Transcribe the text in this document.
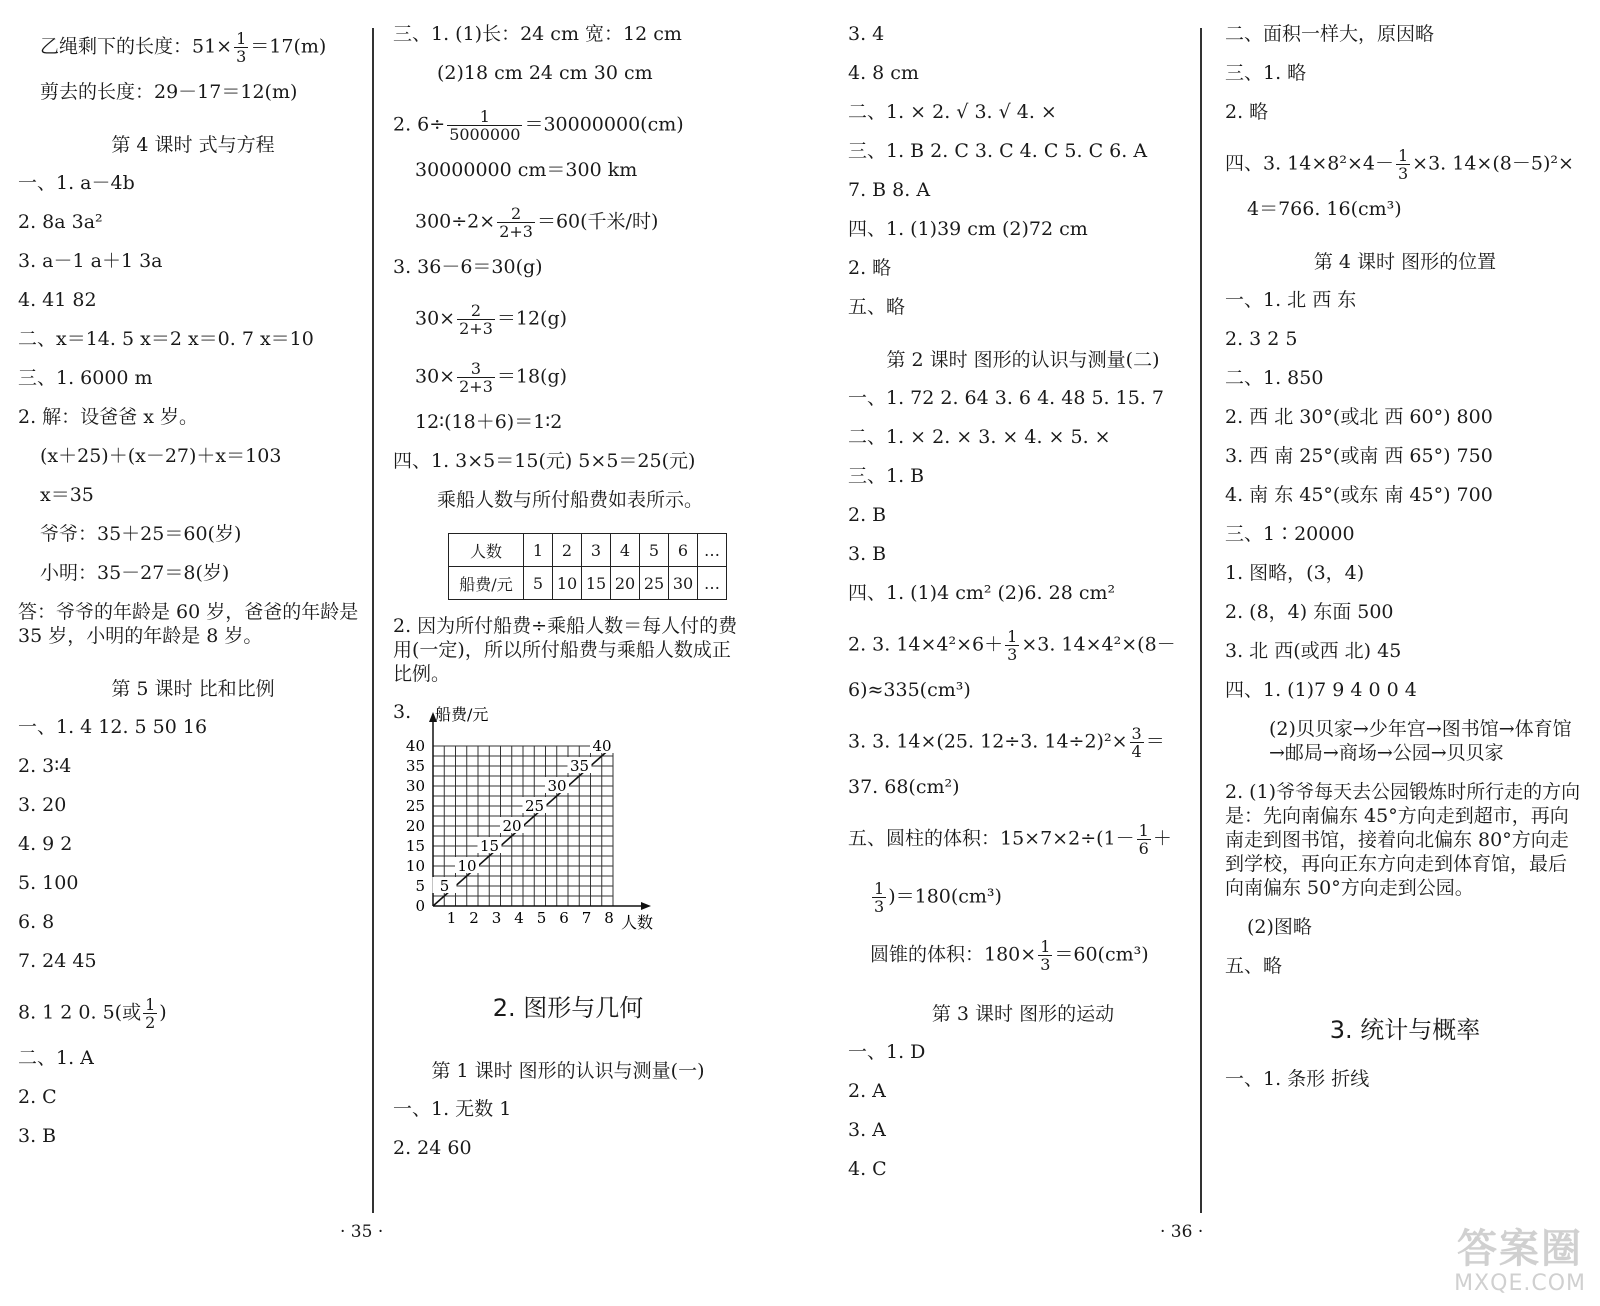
乙绳剩下的长度：$51\times \frac{1}{3} =17(m)$
剪去的长度：29－17＝12(m)
第 4 课时 式与方程
一、1. a－4b
2. 8a 3a²
3. a－1 a＋1 3a
4. 41 82
二、x＝14. 5 x＝2 x＝0. 7 x＝10
三、1. 6000 m
2. 解：设爸爸 x 岁。
(x＋25)＋(x－27)＋x＝103
x＝35
爷爷：35＋25＝60(岁)
小明：35－27＝8(岁)
答：爷爷的年龄是 60 岁，爸爸的年龄是 35 岁，小明的年龄是 8 岁。
第 5 课时 比和比例
一、1. 4 12. 5 50 16
2. 3∶4
3. 20
4. 9 2
5. 100
6. 8
7. 24 45
8. 1 2 0. 5(或 $\frac{1}{2}$ )
二、1. A
2. C
3. B
三、1. (1)长：24 cm 宽：12 cm
(2)18 cm 24 cm 30 cm
2. $6\div \frac{1}{5000000} =30000000(cm)$
30000000 cm＝300 km
$300\div 2\times \frac{2}{2+3} =60$(千米/时)
3. 36－6＝30(g)
$30\times \frac{2}{2+3} =12(g)$
$30\times \frac{3}{2+3} =18(g)$
12∶(18＋6)＝1∶2
四、1. 3×5＝15(元) 5×5＝25(元)
乘船人数与所付船费如表所示。
人数	1	2	3	4	5	6	…
船费/元	5	10	15	20	25	30	…
2. 因为所付船费÷乘船人数＝每人付的费用(一定)，所以所付船费与乘船人数成正比例。
3. 船费/元
人数
0
5
10
15
20
25
30
35
40
1 2 3 4 5 6 7 8
5
10
15
20
25
30
35
40
2. 图形与几何
第 1 课时 图形的认识与测量(一)
一、1. 无数 1
2. 24 60
· 35 ·
3. 4
4. 8 cm
二、1. × 2. √ 3. √ 4. ×
三、1. B 2. C 3. C 4. C 5. C 6. A
7. B 8. A
四、1. (1)39 cm (2)72 cm
2. 略
五、略
第 2 课时 图形的认识与测量(二)
一、1. 72 2. 64 3. 6 4. 48 5. 15. 7
二、1. × 2. × 3. × 4. × 5. ×
三、1. B
2. B
3. B
四、1. (1)4 cm² (2)6. 28 cm²
2. 3. $14\times 4^2\times 6+ \frac{1}{3} \times 3$. 14×4²×(8－
6)≈335(cm³)
3. 3. 14×(25. 12÷3. $14\div 2)^2\times \frac{3}{4}$ ＝
37. 68(cm²)
五、圆柱的体积：$15\times 7\times 2\div(1- \frac{1}{6}$ ＋
$\frac{1}{3} )=180(cm^3)$
圆锥的体积：$180\times \frac{1}{3} =60(cm^3)$
第 3 课时 图形的运动
一、1. D
2. A
3. A
4. C
二、面积一样大，原因略
三、1. 略
2. 略
四、3. $14\times 8^2\times 4- \frac{1}{3} \times 3$. 14×(8－5)²×
4＝766. 16(cm³)
第 4 课时 图形的位置
一、1. 北 西 东
2. 3 2 5
二、1. 850
2. 西 北 30°(或北 西 60°) 800
3. 西 南 25°(或南 西 65°) 750
4. 南 东 45°(或东 南 45°) 700
三、1∶20000
1. 图略，(3，4)
2. (8，4) 东面 500
3. 北 西(或西 北) 45
四、1. (1)7 9 4 0 0 4
(2)贝贝家→少年宫→图书馆→体育馆→邮局→商场→公园→贝贝家
2. (1)爷爷每天去公园锻炼时所行走的方向是：先向南偏东 45°方向走到超市，再向南走到图书馆，接着向北偏东 80°方向走到学校，再向正东方向走到体育馆，最后向南偏东 50°方向走到公园。
(2)图略
五、略
3. 统计与概率
一、1. 条形 折线
· 36 ·	答案圈
MXQE.COM
